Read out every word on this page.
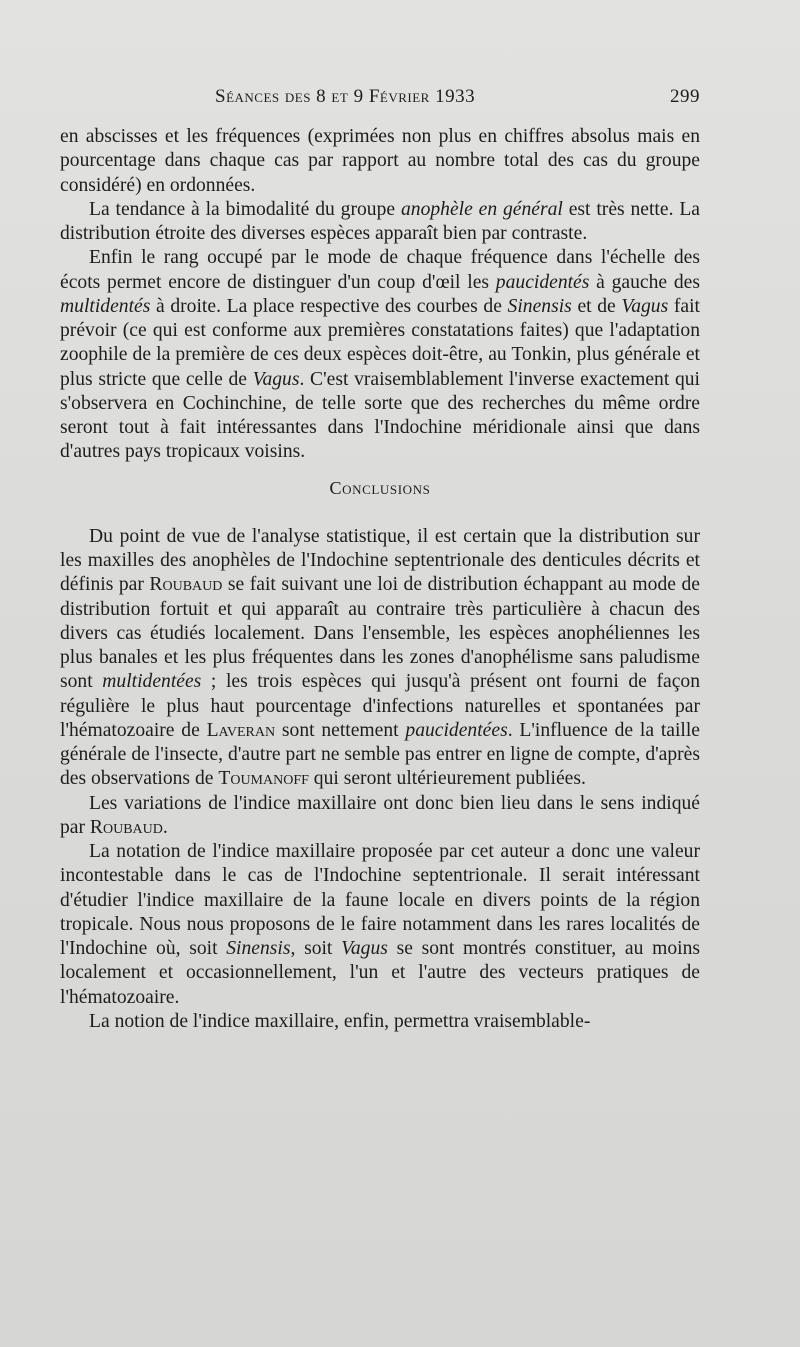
Séances des 8 et 9 Février 1933	299

en abscisses et les fréquences (exprimées non plus en chiffres absolus mais en pourcentage dans chaque cas par rapport au nombre total des cas du groupe considéré) en ordonnées.

La tendance à la bimodalité du groupe anophèle en général est très nette. La distribution étroite des diverses espèces apparaît bien par contraste.

Enfin le rang occupé par le mode de chaque fréquence dans l'échelle des écots permet encore de distinguer d'un coup d'œil les paucidentés à gauche des multidentés à droite. La place respective des courbes de Sinensis et de Vagus fait prévoir (ce qui est conforme aux premières constatations faites) que l'adaptation zoophile de la première de ces deux espèces doit-être, au Tonkin, plus générale et plus stricte que celle de Vagus. C'est vraisemblablement l'inverse exactement qui s'observera en Cochinchine, de telle sorte que des recherches du même ordre seront tout à fait intéressantes dans l'Indochine méridionale ainsi que dans d'autres pays tropicaux voisins.

Conclusions

Du point de vue de l'analyse statistique, il est certain que la distribution sur les maxilles des anophèles de l'Indochine septentrionale des denticules décrits et définis par Roubaud se fait suivant une loi de distribution échappant au mode de distribution fortuit et qui apparaît au contraire très particulière à chacun des divers cas étudiés localement. Dans l'ensemble, les espèces anophéliennes les plus banales et les plus fréquentes dans les zones d'anophélisme sans paludisme sont multidentées ; les trois espèces qui jusqu'à présent ont fourni de façon régulière le plus haut pourcentage d'infections naturelles et spontanées par l'hématozoaire de Laveran sont nettement paucidentées. L'influence de la taille générale de l'insecte, d'autre part ne semble pas entrer en ligne de compte, d'après des observations de Toumanoff qui seront ultérieurement publiées.

Les variations de l'indice maxillaire ont donc bien lieu dans le sens indiqué par Roubaud.

La notation de l'indice maxillaire proposée par cet auteur a donc une valeur incontestable dans le cas de l'Indochine septentrionale. Il serait intéressant d'étudier l'indice maxillaire de la faune locale en divers points de la région tropicale. Nous nous proposons de le faire notamment dans les rares localités de l'Indochine où, soit Sinensis, soit Vagus se sont montrés constituer, au moins localement et occasionnellement, l'un et l'autre des vecteurs pratiques de l'hématozoaire.

La notion de l'indice maxillaire, enfin, permettra vraisemblable-
